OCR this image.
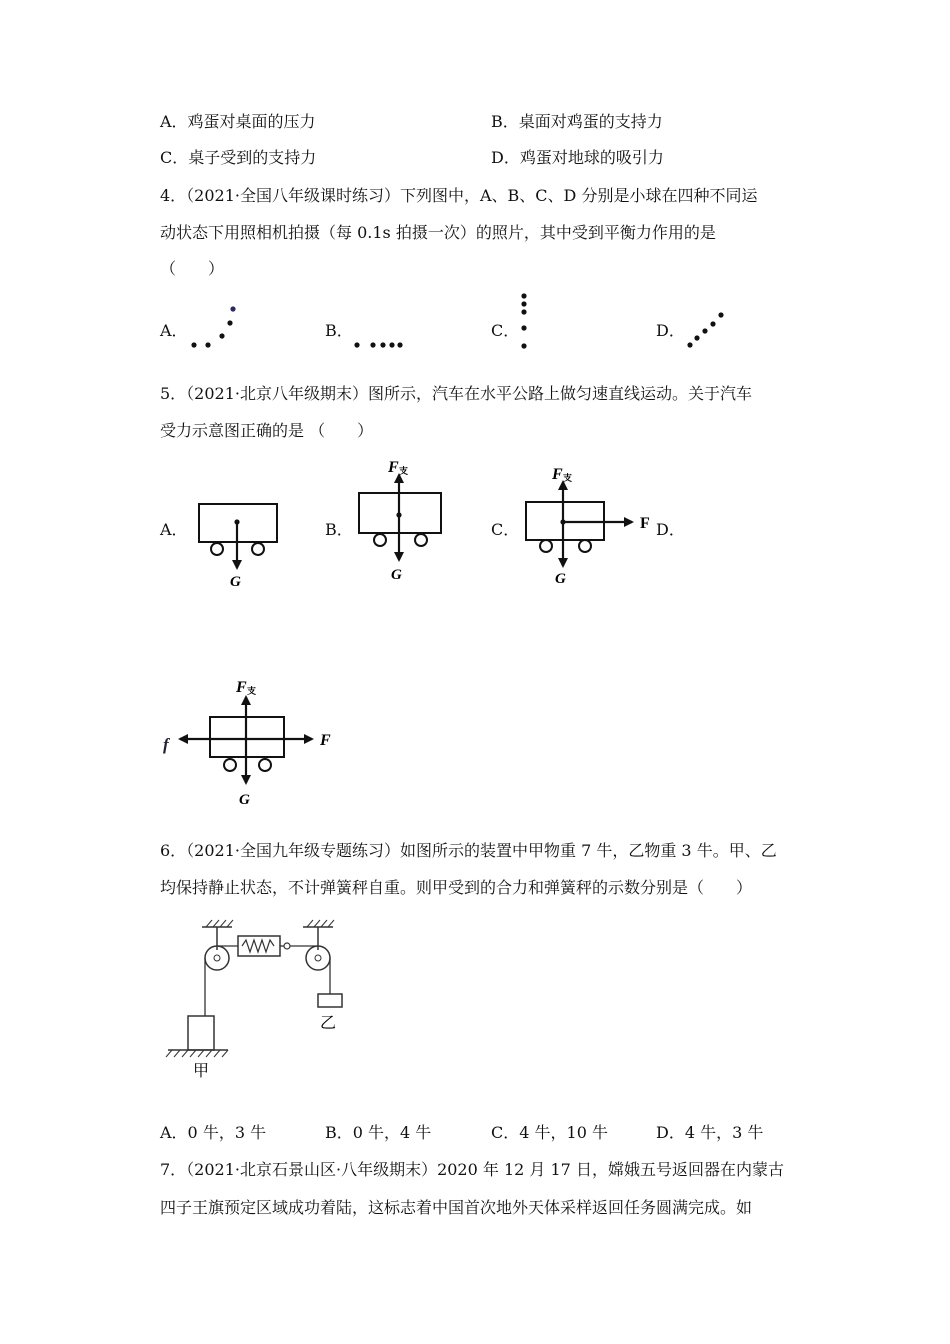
A．鸡蛋对桌面的压力	B．桌面对鸡蛋的支持力
C．桌子受到的支持力	D．鸡蛋对地球的吸引力
4．（2021·全国八年级课时练习）下列图中，A、B、C、D 分别是小球在四种不同运
动状态下用照相机拍摄（每 0.1s 拍摄一次）的照片，其中受到平衡力作用的是
（　　）
A．	B．	C．	D．
5．（2021·北京八年级期末）图所示，汽车在水平公路上做匀速直线运动。关于汽车
受力示意图正确的是 （　　）
A．
G
B．
F 支
G
C．
F 支
G
F D．
F 支
G
F
f
6．（2021·全国九年级专题练习）如图所示的装置中甲物重 7 牛，乙物重 3 牛。甲、乙
均保持静止状态，不计弹簧秤自重。则甲受到的合力和弹簧秤的示数分别是（　　）
甲
乙
A．0 牛，3 牛	B．0 牛，4 牛	C．4 牛，10 牛	D．4 牛，3 牛
7．（2021·北京石景山区·八年级期末）2020 年 12 月 17 日，嫦娥五号返回器在内蒙古
四子王旗预定区域成功着陆，这标志着中国首次地外天体采样返回任务圆满完成。如
